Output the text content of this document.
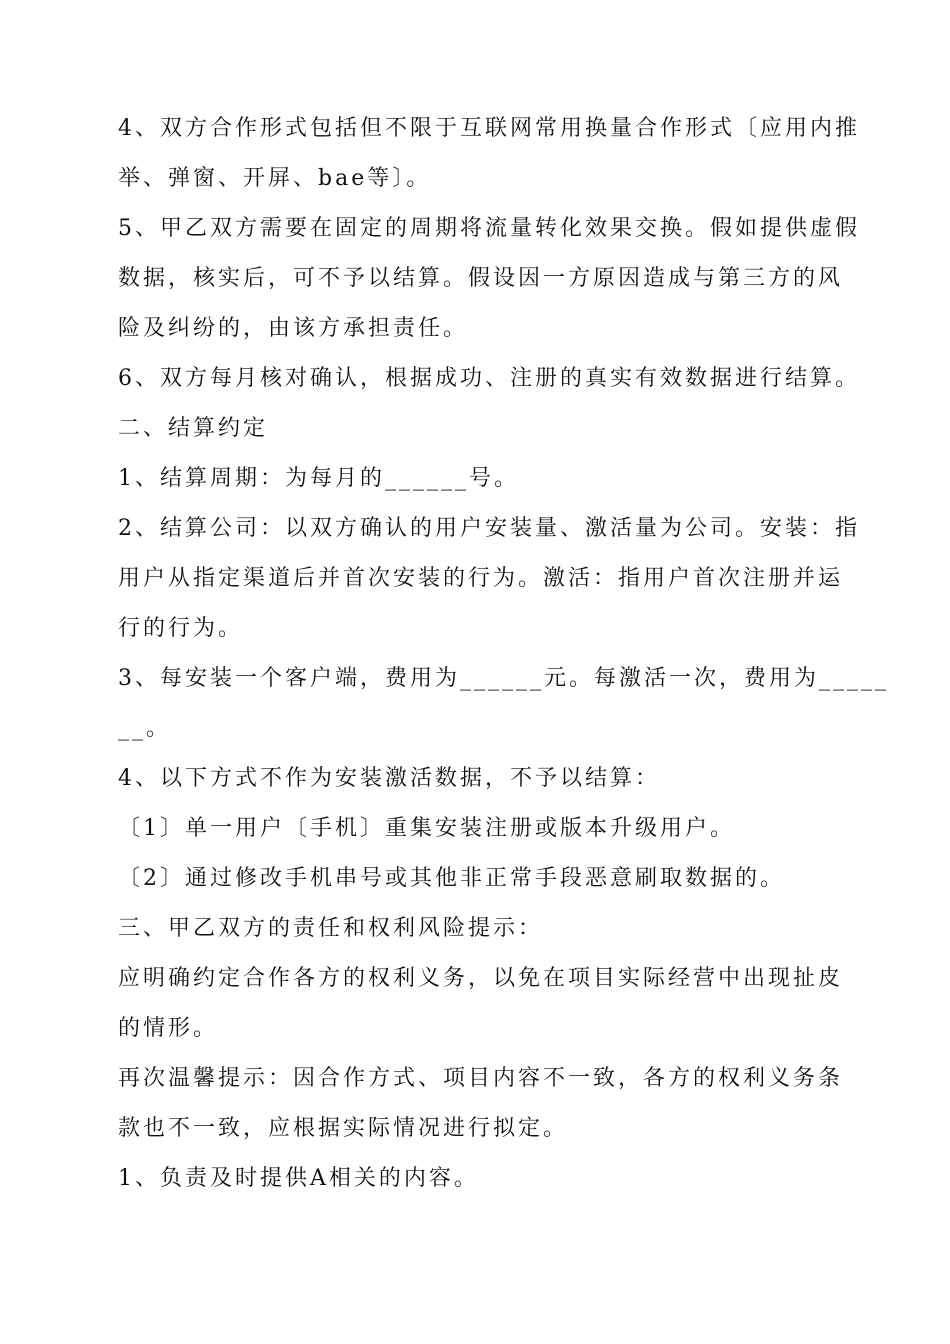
4、双方合作形式包括但不限于互联网常用换量合作形式〔应用内推
举、弹窗、开屏、bae等〕。
5、甲乙双方需要在固定的周期将流量转化效果交换。假如提供虚假
数据，核实后，可不予以结算。假设因一方原因造成与第三方的风
险及纠纷的，由该方承担责任。
6、双方每月核对确认，根据成功、注册的真实有效数据进行结算。
二、结算约定
1、结算周期：为每月的______号。
2、结算公司：以双方确认的用户安装量、激活量为公司。安装：指
用户从指定渠道后并首次安装的行为。激活：指用户首次注册并运
行的行为。
3、每安装一个客户端，费用为______元。每激活一次，费用为_____
__。
4、以下方式不作为安装激活数据，不予以结算：
〔1〕单一用户〔手机〕重集安装注册或版本升级用户。
〔2〕通过修改手机串号或其他非正常手段恶意刷取数据的。
三、甲乙双方的责任和权利风险提示：
应明确约定合作各方的权利义务，以免在项目实际经营中出现扯皮
的情形。
再次温馨提示：因合作方式、项目内容不一致，各方的权利义务条
款也不一致，应根据实际情况进行拟定。
1、负责及时提供A相关的内容。
